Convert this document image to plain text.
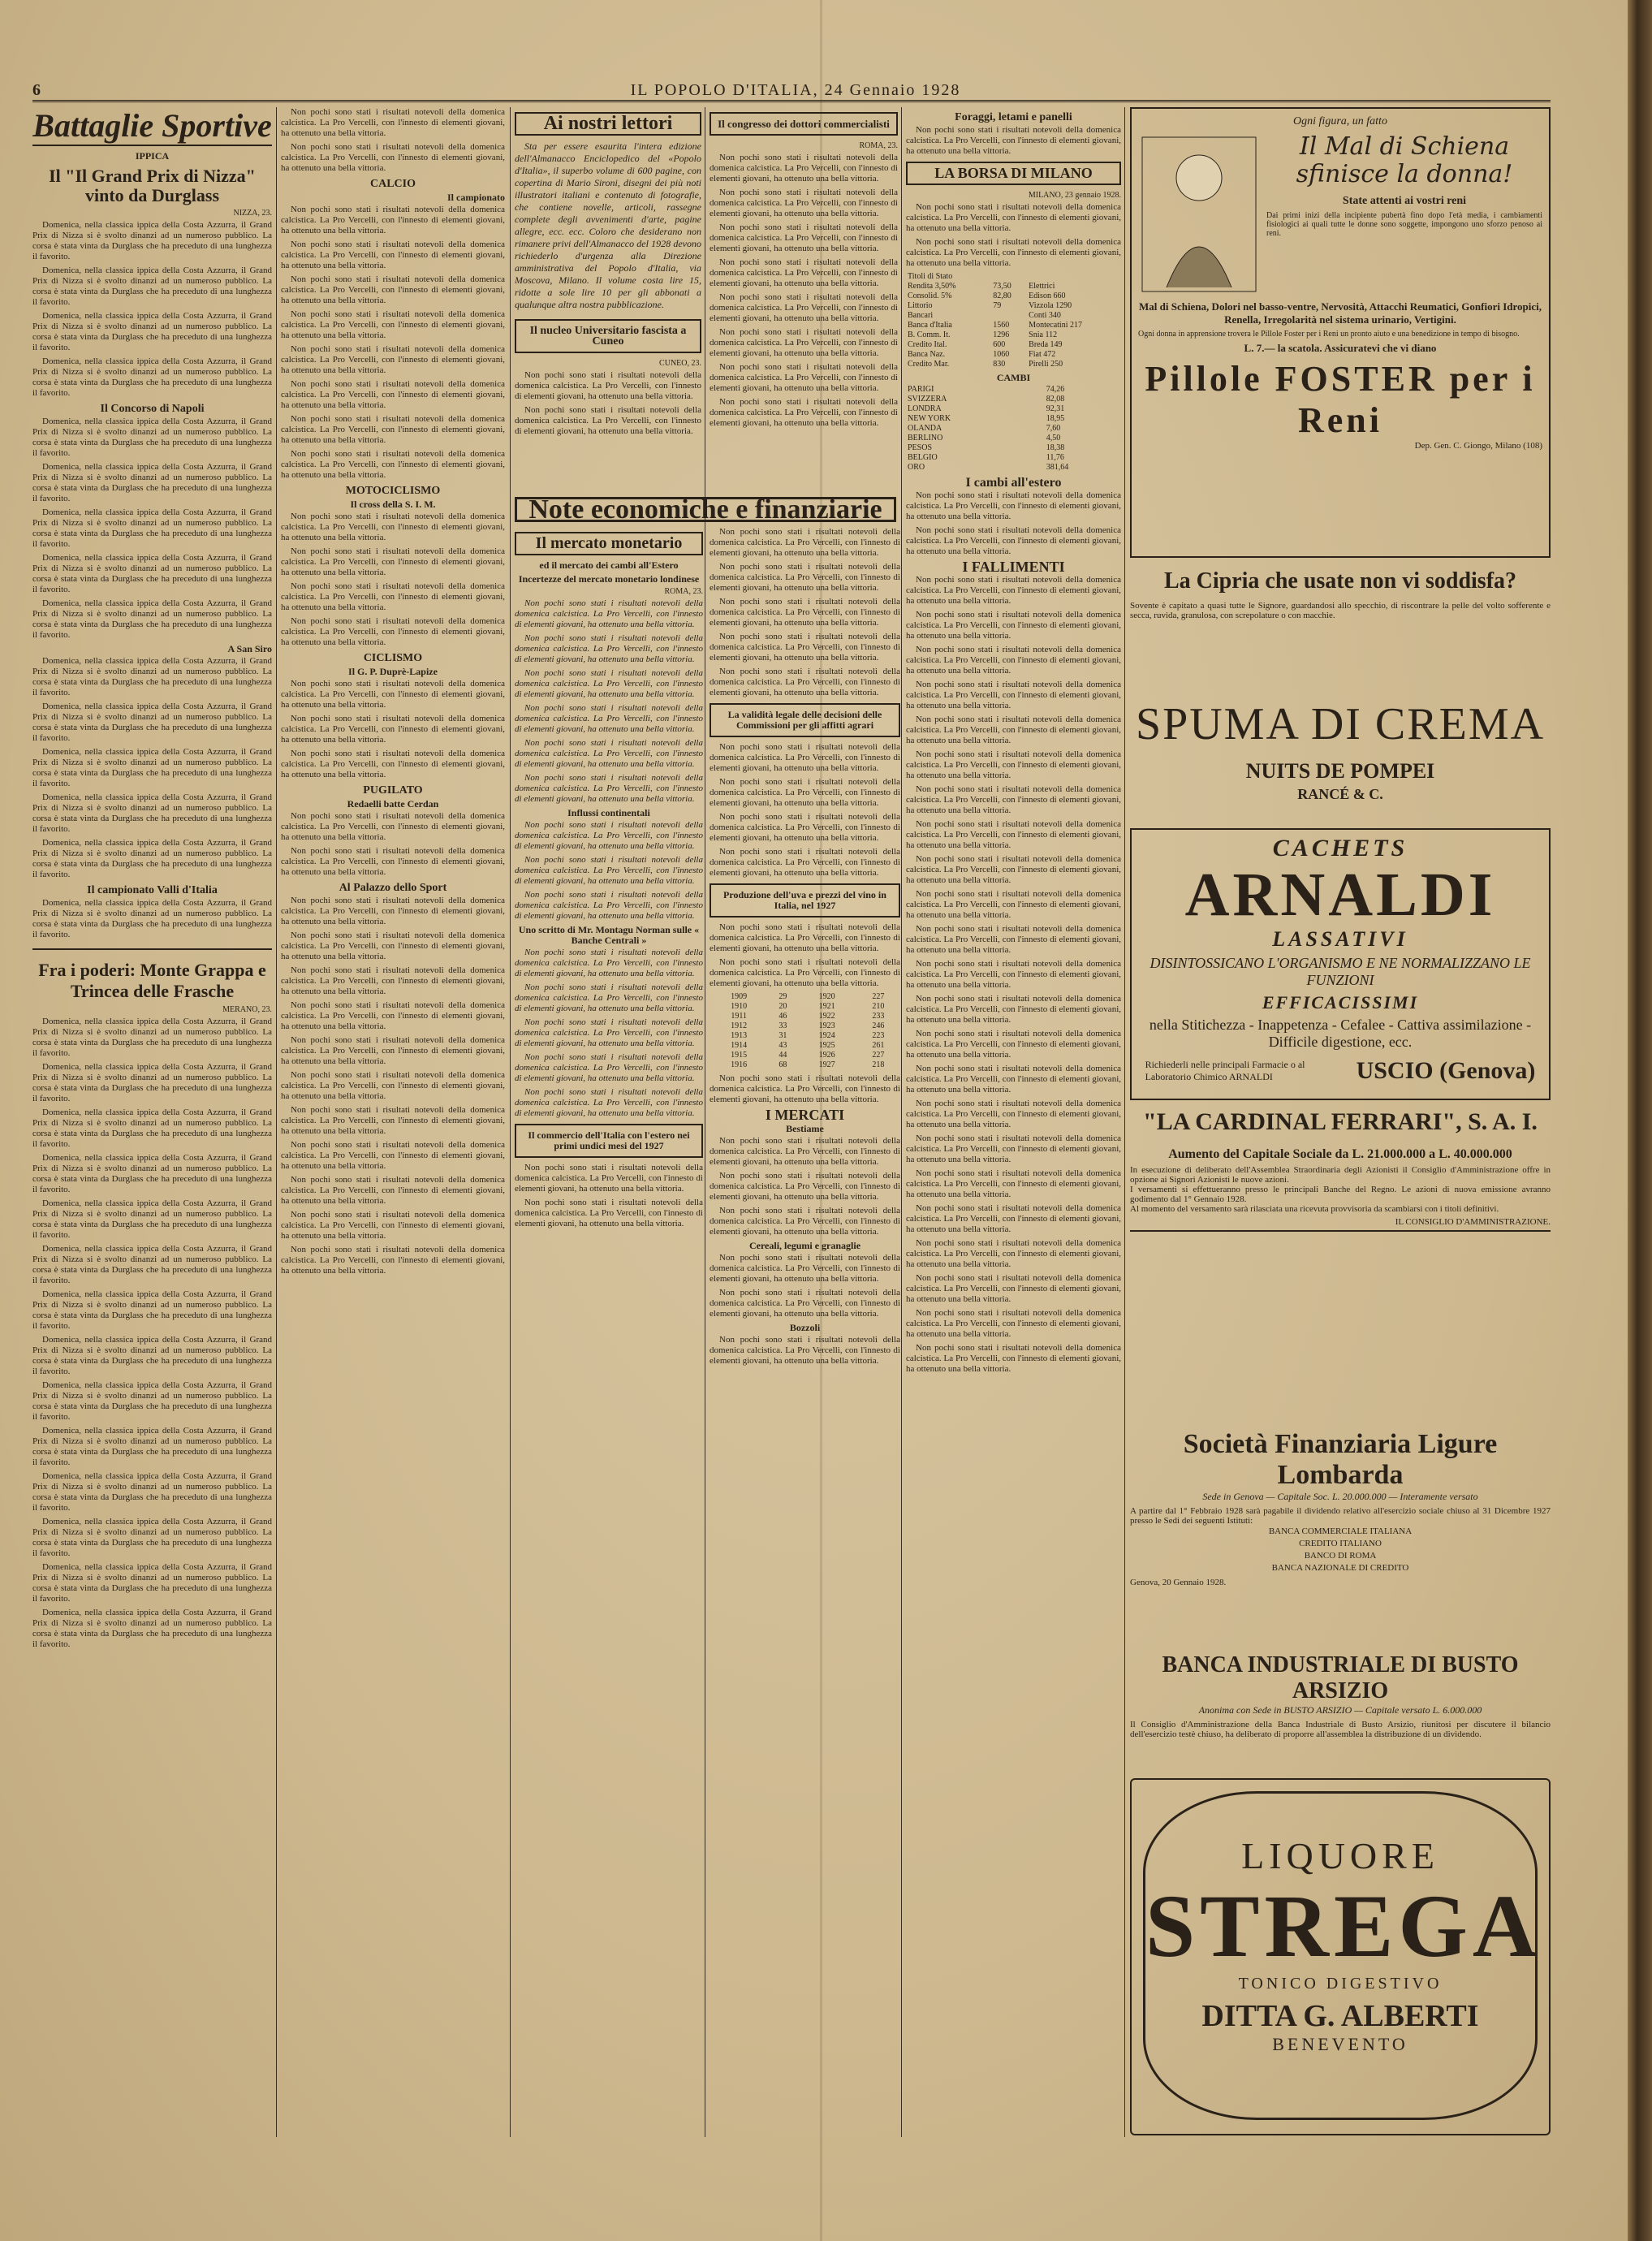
6	IL POPOLO D'ITALIA, 24 Gennaio 1928
Battaglie Sportive
IPPICA
Il "Il Grand Prix di Nizza" vinto da Durglass
NIZZA, 23.

Domenica, nella classica ippica della Costa Azzurra, il Grand Prix di Nizza si è svolto dinanzi ad un numeroso pubblico. La corsa è stata vinta da Durglass che ha preceduto di una lunghezza il favorito.

Domenica, nella classica ippica della Costa Azzurra, il Grand Prix di Nizza si è svolto dinanzi ad un numeroso pubblico. La corsa è stata vinta da Durglass che ha preceduto di una lunghezza il favorito.

Domenica, nella classica ippica della Costa Azzurra, il Grand Prix di Nizza si è svolto dinanzi ad un numeroso pubblico. La corsa è stata vinta da Durglass che ha preceduto di una lunghezza il favorito.

Domenica, nella classica ippica della Costa Azzurra, il Grand Prix di Nizza si è svolto dinanzi ad un numeroso pubblico. La corsa è stata vinta da Durglass che ha preceduto di una lunghezza il favorito.

Il Concorso di Napoli

Domenica, nella classica ippica della Costa Azzurra, il Grand Prix di Nizza si è svolto dinanzi ad un numeroso pubblico. La corsa è stata vinta da Durglass che ha preceduto di una lunghezza il favorito.

Domenica, nella classica ippica della Costa Azzurra, il Grand Prix di Nizza si è svolto dinanzi ad un numeroso pubblico. La corsa è stata vinta da Durglass che ha preceduto di una lunghezza il favorito.

Domenica, nella classica ippica della Costa Azzurra, il Grand Prix di Nizza si è svolto dinanzi ad un numeroso pubblico. La corsa è stata vinta da Durglass che ha preceduto di una lunghezza il favorito.

Domenica, nella classica ippica della Costa Azzurra, il Grand Prix di Nizza si è svolto dinanzi ad un numeroso pubblico. La corsa è stata vinta da Durglass che ha preceduto di una lunghezza il favorito.

Domenica, nella classica ippica della Costa Azzurra, il Grand Prix di Nizza si è svolto dinanzi ad un numeroso pubblico. La corsa è stata vinta da Durglass che ha preceduto di una lunghezza il favorito.

A San Siro

Domenica, nella classica ippica della Costa Azzurra, il Grand Prix di Nizza si è svolto dinanzi ad un numeroso pubblico. La corsa è stata vinta da Durglass che ha preceduto di una lunghezza il favorito.

Domenica, nella classica ippica della Costa Azzurra, il Grand Prix di Nizza si è svolto dinanzi ad un numeroso pubblico. La corsa è stata vinta da Durglass che ha preceduto di una lunghezza il favorito.

Domenica, nella classica ippica della Costa Azzurra, il Grand Prix di Nizza si è svolto dinanzi ad un numeroso pubblico. La corsa è stata vinta da Durglass che ha preceduto di una lunghezza il favorito.

Domenica, nella classica ippica della Costa Azzurra, il Grand Prix di Nizza si è svolto dinanzi ad un numeroso pubblico. La corsa è stata vinta da Durglass che ha preceduto di una lunghezza il favorito.

Domenica, nella classica ippica della Costa Azzurra, il Grand Prix di Nizza si è svolto dinanzi ad un numeroso pubblico. La corsa è stata vinta da Durglass che ha preceduto di una lunghezza il favorito.

Il campionato Valli d'Italia

Domenica, nella classica ippica della Costa Azzurra, il Grand Prix di Nizza si è svolto dinanzi ad un numeroso pubblico. La corsa è stata vinta da Durglass che ha preceduto di una lunghezza il favorito.

Fra i poderi: Monte Grappa e Trincea delle Frasche
MERANO, 23.

Domenica, nella classica ippica della Costa Azzurra, il Grand Prix di Nizza si è svolto dinanzi ad un numeroso pubblico. La corsa è stata vinta da Durglass che ha preceduto di una lunghezza il favorito.

Domenica, nella classica ippica della Costa Azzurra, il Grand Prix di Nizza si è svolto dinanzi ad un numeroso pubblico. La corsa è stata vinta da Durglass che ha preceduto di una lunghezza il favorito.

Domenica, nella classica ippica della Costa Azzurra, il Grand Prix di Nizza si è svolto dinanzi ad un numeroso pubblico. La corsa è stata vinta da Durglass che ha preceduto di una lunghezza il favorito.

Domenica, nella classica ippica della Costa Azzurra, il Grand Prix di Nizza si è svolto dinanzi ad un numeroso pubblico. La corsa è stata vinta da Durglass che ha preceduto di una lunghezza il favorito.

Domenica, nella classica ippica della Costa Azzurra, il Grand Prix di Nizza si è svolto dinanzi ad un numeroso pubblico. La corsa è stata vinta da Durglass che ha preceduto di una lunghezza il favorito.

Domenica, nella classica ippica della Costa Azzurra, il Grand Prix di Nizza si è svolto dinanzi ad un numeroso pubblico. La corsa è stata vinta da Durglass che ha preceduto di una lunghezza il favorito.

Domenica, nella classica ippica della Costa Azzurra, il Grand Prix di Nizza si è svolto dinanzi ad un numeroso pubblico. La corsa è stata vinta da Durglass che ha preceduto di una lunghezza il favorito.

Domenica, nella classica ippica della Costa Azzurra, il Grand Prix di Nizza si è svolto dinanzi ad un numeroso pubblico. La corsa è stata vinta da Durglass che ha preceduto di una lunghezza il favorito.

Domenica, nella classica ippica della Costa Azzurra, il Grand Prix di Nizza si è svolto dinanzi ad un numeroso pubblico. La corsa è stata vinta da Durglass che ha preceduto di una lunghezza il favorito.

Domenica, nella classica ippica della Costa Azzurra, il Grand Prix di Nizza si è svolto dinanzi ad un numeroso pubblico. La corsa è stata vinta da Durglass che ha preceduto di una lunghezza il favorito.

Domenica, nella classica ippica della Costa Azzurra, il Grand Prix di Nizza si è svolto dinanzi ad un numeroso pubblico. La corsa è stata vinta da Durglass che ha preceduto di una lunghezza il favorito.

Domenica, nella classica ippica della Costa Azzurra, il Grand Prix di Nizza si è svolto dinanzi ad un numeroso pubblico. La corsa è stata vinta da Durglass che ha preceduto di una lunghezza il favorito.

Domenica, nella classica ippica della Costa Azzurra, il Grand Prix di Nizza si è svolto dinanzi ad un numeroso pubblico. La corsa è stata vinta da Durglass che ha preceduto di una lunghezza il favorito.

Domenica, nella classica ippica della Costa Azzurra, il Grand Prix di Nizza si è svolto dinanzi ad un numeroso pubblico. La corsa è stata vinta da Durglass che ha preceduto di una lunghezza il favorito.

Non pochi sono stati i risultati notevoli della domenica calcistica. La Pro Vercelli, con l'innesto di elementi giovani, ha ottenuto una bella vittoria.

Non pochi sono stati i risultati notevoli della domenica calcistica. La Pro Vercelli, con l'innesto di elementi giovani, ha ottenuto una bella vittoria.

CALCIO
Il campionato

Non pochi sono stati i risultati notevoli della domenica calcistica. La Pro Vercelli, con l'innesto di elementi giovani, ha ottenuto una bella vittoria.

Non pochi sono stati i risultati notevoli della domenica calcistica. La Pro Vercelli, con l'innesto di elementi giovani, ha ottenuto una bella vittoria.

Non pochi sono stati i risultati notevoli della domenica calcistica. La Pro Vercelli, con l'innesto di elementi giovani, ha ottenuto una bella vittoria.

Non pochi sono stati i risultati notevoli della domenica calcistica. La Pro Vercelli, con l'innesto di elementi giovani, ha ottenuto una bella vittoria.

Non pochi sono stati i risultati notevoli della domenica calcistica. La Pro Vercelli, con l'innesto di elementi giovani, ha ottenuto una bella vittoria.

Non pochi sono stati i risultati notevoli della domenica calcistica. La Pro Vercelli, con l'innesto di elementi giovani, ha ottenuto una bella vittoria.

Non pochi sono stati i risultati notevoli della domenica calcistica. La Pro Vercelli, con l'innesto di elementi giovani, ha ottenuto una bella vittoria.

Non pochi sono stati i risultati notevoli della domenica calcistica. La Pro Vercelli, con l'innesto di elementi giovani, ha ottenuto una bella vittoria.

MOTOCICLISMO
Il cross della S. I. M.

Non pochi sono stati i risultati notevoli della domenica calcistica. La Pro Vercelli, con l'innesto di elementi giovani, ha ottenuto una bella vittoria.

Non pochi sono stati i risultati notevoli della domenica calcistica. La Pro Vercelli, con l'innesto di elementi giovani, ha ottenuto una bella vittoria.

Non pochi sono stati i risultati notevoli della domenica calcistica. La Pro Vercelli, con l'innesto di elementi giovani, ha ottenuto una bella vittoria.

Non pochi sono stati i risultati notevoli della domenica calcistica. La Pro Vercelli, con l'innesto di elementi giovani, ha ottenuto una bella vittoria.

CICLISMO
Il G. P. Duprè-Lapize

Non pochi sono stati i risultati notevoli della domenica calcistica. La Pro Vercelli, con l'innesto di elementi giovani, ha ottenuto una bella vittoria.

Non pochi sono stati i risultati notevoli della domenica calcistica. La Pro Vercelli, con l'innesto di elementi giovani, ha ottenuto una bella vittoria.

Non pochi sono stati i risultati notevoli della domenica calcistica. La Pro Vercelli, con l'innesto di elementi giovani, ha ottenuto una bella vittoria.

PUGILATO
Redaelli batte Cerdan

Non pochi sono stati i risultati notevoli della domenica calcistica. La Pro Vercelli, con l'innesto di elementi giovani, ha ottenuto una bella vittoria.

Non pochi sono stati i risultati notevoli della domenica calcistica. La Pro Vercelli, con l'innesto di elementi giovani, ha ottenuto una bella vittoria.

Al Palazzo dello Sport

Non pochi sono stati i risultati notevoli della domenica calcistica. La Pro Vercelli, con l'innesto di elementi giovani, ha ottenuto una bella vittoria.

Non pochi sono stati i risultati notevoli della domenica calcistica. La Pro Vercelli, con l'innesto di elementi giovani, ha ottenuto una bella vittoria.

Non pochi sono stati i risultati notevoli della domenica calcistica. La Pro Vercelli, con l'innesto di elementi giovani, ha ottenuto una bella vittoria.

Non pochi sono stati i risultati notevoli della domenica calcistica. La Pro Vercelli, con l'innesto di elementi giovani, ha ottenuto una bella vittoria.

Non pochi sono stati i risultati notevoli della domenica calcistica. La Pro Vercelli, con l'innesto di elementi giovani, ha ottenuto una bella vittoria.

Non pochi sono stati i risultati notevoli della domenica calcistica. La Pro Vercelli, con l'innesto di elementi giovani, ha ottenuto una bella vittoria.

Non pochi sono stati i risultati notevoli della domenica calcistica. La Pro Vercelli, con l'innesto di elementi giovani, ha ottenuto una bella vittoria.

Non pochi sono stati i risultati notevoli della domenica calcistica. La Pro Vercelli, con l'innesto di elementi giovani, ha ottenuto una bella vittoria.

Non pochi sono stati i risultati notevoli della domenica calcistica. La Pro Vercelli, con l'innesto di elementi giovani, ha ottenuto una bella vittoria.

Non pochi sono stati i risultati notevoli della domenica calcistica. La Pro Vercelli, con l'innesto di elementi giovani, ha ottenuto una bella vittoria.

Non pochi sono stati i risultati notevoli della domenica calcistica. La Pro Vercelli, con l'innesto di elementi giovani, ha ottenuto una bella vittoria.

Ai nostri lettori

Sta per essere esaurita l'intera edizione dell'Almanacco Enciclopedico del «Popolo d'Italia», il superbo volume di 600 pagine, con copertina di Mario Sironi, disegni dei più noti illustratori italiani e contenuto di fotografie, che contiene novelle, articoli, rassegne complete degli avvenimenti d'arte, pagine allegre, ecc. ecc. Coloro che desiderano non rimanere privi dell'Almanacco del 1928 devono richiederlo d'urgenza alla Direzione amministrativa del Popolo d'Italia, via Moscova, Milano. Il volume costa lire 15, ridotte a sole lire 10 per gli abbonati a qualunque altra nostra pubblicazione.

Il nucleo Universitario fascista a Cuneo
CUNEO, 23.

Non pochi sono stati i risultati notevoli della domenica calcistica. La Pro Vercelli, con l'innesto di elementi giovani, ha ottenuto una bella vittoria.

Non pochi sono stati i risultati notevoli della domenica calcistica. La Pro Vercelli, con l'innesto di elementi giovani, ha ottenuto una bella vittoria.

Il congresso dei dottori commercialisti
ROMA, 23.

Non pochi sono stati i risultati notevoli della domenica calcistica. La Pro Vercelli, con l'innesto di elementi giovani, ha ottenuto una bella vittoria.

Non pochi sono stati i risultati notevoli della domenica calcistica. La Pro Vercelli, con l'innesto di elementi giovani, ha ottenuto una bella vittoria.

Non pochi sono stati i risultati notevoli della domenica calcistica. La Pro Vercelli, con l'innesto di elementi giovani, ha ottenuto una bella vittoria.

Non pochi sono stati i risultati notevoli della domenica calcistica. La Pro Vercelli, con l'innesto di elementi giovani, ha ottenuto una bella vittoria.

Non pochi sono stati i risultati notevoli della domenica calcistica. La Pro Vercelli, con l'innesto di elementi giovani, ha ottenuto una bella vittoria.

Non pochi sono stati i risultati notevoli della domenica calcistica. La Pro Vercelli, con l'innesto di elementi giovani, ha ottenuto una bella vittoria.

Non pochi sono stati i risultati notevoli della domenica calcistica. La Pro Vercelli, con l'innesto di elementi giovani, ha ottenuto una bella vittoria.

Non pochi sono stati i risultati notevoli della domenica calcistica. La Pro Vercelli, con l'innesto di elementi giovani, ha ottenuto una bella vittoria.

Note economiche e finanziarie
Il mercato monetario
ed il mercato dei cambi all'Estero
Incertezze del mercato monetario londinese
ROMA, 23.

Non pochi sono stati i risultati notevoli della domenica calcistica. La Pro Vercelli, con l'innesto di elementi giovani, ha ottenuto una bella vittoria.

Non pochi sono stati i risultati notevoli della domenica calcistica. La Pro Vercelli, con l'innesto di elementi giovani, ha ottenuto una bella vittoria.

Non pochi sono stati i risultati notevoli della domenica calcistica. La Pro Vercelli, con l'innesto di elementi giovani, ha ottenuto una bella vittoria.

Non pochi sono stati i risultati notevoli della domenica calcistica. La Pro Vercelli, con l'innesto di elementi giovani, ha ottenuto una bella vittoria.

Non pochi sono stati i risultati notevoli della domenica calcistica. La Pro Vercelli, con l'innesto di elementi giovani, ha ottenuto una bella vittoria.

Non pochi sono stati i risultati notevoli della domenica calcistica. La Pro Vercelli, con l'innesto di elementi giovani, ha ottenuto una bella vittoria.

Influssi continentali

Non pochi sono stati i risultati notevoli della domenica calcistica. La Pro Vercelli, con l'innesto di elementi giovani, ha ottenuto una bella vittoria.

Non pochi sono stati i risultati notevoli della domenica calcistica. La Pro Vercelli, con l'innesto di elementi giovani, ha ottenuto una bella vittoria.

Non pochi sono stati i risultati notevoli della domenica calcistica. La Pro Vercelli, con l'innesto di elementi giovani, ha ottenuto una bella vittoria.

Uno scritto di Mr. Montagu Norman sulle « Banche Centrali »

Non pochi sono stati i risultati notevoli della domenica calcistica. La Pro Vercelli, con l'innesto di elementi giovani, ha ottenuto una bella vittoria.

Non pochi sono stati i risultati notevoli della domenica calcistica. La Pro Vercelli, con l'innesto di elementi giovani, ha ottenuto una bella vittoria.

Non pochi sono stati i risultati notevoli della domenica calcistica. La Pro Vercelli, con l'innesto di elementi giovani, ha ottenuto una bella vittoria.

Non pochi sono stati i risultati notevoli della domenica calcistica. La Pro Vercelli, con l'innesto di elementi giovani, ha ottenuto una bella vittoria.

Non pochi sono stati i risultati notevoli della domenica calcistica. La Pro Vercelli, con l'innesto di elementi giovani, ha ottenuto una bella vittoria.

Il commercio dell'Italia con l'estero nei primi undici mesi del 1927

Non pochi sono stati i risultati notevoli della domenica calcistica. La Pro Vercelli, con l'innesto di elementi giovani, ha ottenuto una bella vittoria.

Non pochi sono stati i risultati notevoli della domenica calcistica. La Pro Vercelli, con l'innesto di elementi giovani, ha ottenuto una bella vittoria.

Non pochi sono stati i risultati notevoli della domenica calcistica. La Pro Vercelli, con l'innesto di elementi giovani, ha ottenuto una bella vittoria.

Non pochi sono stati i risultati notevoli della domenica calcistica. La Pro Vercelli, con l'innesto di elementi giovani, ha ottenuto una bella vittoria.

Non pochi sono stati i risultati notevoli della domenica calcistica. La Pro Vercelli, con l'innesto di elementi giovani, ha ottenuto una bella vittoria.

Non pochi sono stati i risultati notevoli della domenica calcistica. La Pro Vercelli, con l'innesto di elementi giovani, ha ottenuto una bella vittoria.

Non pochi sono stati i risultati notevoli della domenica calcistica. La Pro Vercelli, con l'innesto di elementi giovani, ha ottenuto una bella vittoria.

La validità legale delle decisioni delle Commissioni per gli affitti agrari

Non pochi sono stati i risultati notevoli della domenica calcistica. La Pro Vercelli, con l'innesto di elementi giovani, ha ottenuto una bella vittoria.

Non pochi sono stati i risultati notevoli della domenica calcistica. La Pro Vercelli, con l'innesto di elementi giovani, ha ottenuto una bella vittoria.

Non pochi sono stati i risultati notevoli della domenica calcistica. La Pro Vercelli, con l'innesto di elementi giovani, ha ottenuto una bella vittoria.

Non pochi sono stati i risultati notevoli della domenica calcistica. La Pro Vercelli, con l'innesto di elementi giovani, ha ottenuto una bella vittoria.

Produzione dell'uva e prezzi del vino in Italia, nel 1927

Non pochi sono stati i risultati notevoli della domenica calcistica. La Pro Vercelli, con l'innesto di elementi giovani, ha ottenuto una bella vittoria.

Non pochi sono stati i risultati notevoli della domenica calcistica. La Pro Vercelli, con l'innesto di elementi giovani, ha ottenuto una bella vittoria.

1909	29	1920	227
1910	20	1921	210
1911	46	1922	233
1912	33	1923	246
1913	31	1924	223
1914	43	1925	261
1915	44	1926	227
1916	68	1927	218

Non pochi sono stati i risultati notevoli della domenica calcistica. La Pro Vercelli, con l'innesto di elementi giovani, ha ottenuto una bella vittoria.

I MERCATI
Bestiame

Non pochi sono stati i risultati notevoli della domenica calcistica. La Pro Vercelli, con l'innesto di elementi giovani, ha ottenuto una bella vittoria.

Non pochi sono stati i risultati notevoli della domenica calcistica. La Pro Vercelli, con l'innesto di elementi giovani, ha ottenuto una bella vittoria.

Non pochi sono stati i risultati notevoli della domenica calcistica. La Pro Vercelli, con l'innesto di elementi giovani, ha ottenuto una bella vittoria.

Cereali, legumi e granaglie

Non pochi sono stati i risultati notevoli della domenica calcistica. La Pro Vercelli, con l'innesto di elementi giovani, ha ottenuto una bella vittoria.

Non pochi sono stati i risultati notevoli della domenica calcistica. La Pro Vercelli, con l'innesto di elementi giovani, ha ottenuto una bella vittoria.

Bozzoli

Non pochi sono stati i risultati notevoli della domenica calcistica. La Pro Vercelli, con l'innesto di elementi giovani, ha ottenuto una bella vittoria.

Foraggi, letami e panelli

Non pochi sono stati i risultati notevoli della domenica calcistica. La Pro Vercelli, con l'innesto di elementi giovani, ha ottenuto una bella vittoria.

LA BORSA DI MILANO
MILANO, 23 gennaio 1928.

Non pochi sono stati i risultati notevoli della domenica calcistica. La Pro Vercelli, con l'innesto di elementi giovani, ha ottenuto una bella vittoria.

Non pochi sono stati i risultati notevoli della domenica calcistica. La Pro Vercelli, con l'innesto di elementi giovani, ha ottenuto una bella vittoria.

Titoli di Stato		
Rendita 3,50%	73,50	Elettrici
Consolid. 5%	82,80	Edison 660
Littorio	79	Vizzola 1290
Bancari		Conti 340
Banca d'Italia	1560	Montecatini 217
B. Comm. It.	1296	Snia 112
Credito Ital.	600	Breda 149
Banca Naz.	1060	Fiat 472
Credito Mar.	830	Pirelli 250
CAMBI
PARIGI	74,26
SVIZZERA	82,08
LONDRA	92,31
NEW YORK	18,95
OLANDA	7,60
BERLINO	4,50
PESOS	18,38
BELGIO	11,76
ORO	381,64
I cambi all'estero

Non pochi sono stati i risultati notevoli della domenica calcistica. La Pro Vercelli, con l'innesto di elementi giovani, ha ottenuto una bella vittoria.

Non pochi sono stati i risultati notevoli della domenica calcistica. La Pro Vercelli, con l'innesto di elementi giovani, ha ottenuto una bella vittoria.

I FALLIMENTI

Non pochi sono stati i risultati notevoli della domenica calcistica. La Pro Vercelli, con l'innesto di elementi giovani, ha ottenuto una bella vittoria.

Non pochi sono stati i risultati notevoli della domenica calcistica. La Pro Vercelli, con l'innesto di elementi giovani, ha ottenuto una bella vittoria.

Non pochi sono stati i risultati notevoli della domenica calcistica. La Pro Vercelli, con l'innesto di elementi giovani, ha ottenuto una bella vittoria.

Non pochi sono stati i risultati notevoli della domenica calcistica. La Pro Vercelli, con l'innesto di elementi giovani, ha ottenuto una bella vittoria.

Non pochi sono stati i risultati notevoli della domenica calcistica. La Pro Vercelli, con l'innesto di elementi giovani, ha ottenuto una bella vittoria.

Non pochi sono stati i risultati notevoli della domenica calcistica. La Pro Vercelli, con l'innesto di elementi giovani, ha ottenuto una bella vittoria.

Non pochi sono stati i risultati notevoli della domenica calcistica. La Pro Vercelli, con l'innesto di elementi giovani, ha ottenuto una bella vittoria.

Non pochi sono stati i risultati notevoli della domenica calcistica. La Pro Vercelli, con l'innesto di elementi giovani, ha ottenuto una bella vittoria.

Non pochi sono stati i risultati notevoli della domenica calcistica. La Pro Vercelli, con l'innesto di elementi giovani, ha ottenuto una bella vittoria.

Non pochi sono stati i risultati notevoli della domenica calcistica. La Pro Vercelli, con l'innesto di elementi giovani, ha ottenuto una bella vittoria.

Non pochi sono stati i risultati notevoli della domenica calcistica. La Pro Vercelli, con l'innesto di elementi giovani, ha ottenuto una bella vittoria.

Non pochi sono stati i risultati notevoli della domenica calcistica. La Pro Vercelli, con l'innesto di elementi giovani, ha ottenuto una bella vittoria.

Non pochi sono stati i risultati notevoli della domenica calcistica. La Pro Vercelli, con l'innesto di elementi giovani, ha ottenuto una bella vittoria.

Non pochi sono stati i risultati notevoli della domenica calcistica. La Pro Vercelli, con l'innesto di elementi giovani, ha ottenuto una bella vittoria.

Non pochi sono stati i risultati notevoli della domenica calcistica. La Pro Vercelli, con l'innesto di elementi giovani, ha ottenuto una bella vittoria.

Non pochi sono stati i risultati notevoli della domenica calcistica. La Pro Vercelli, con l'innesto di elementi giovani, ha ottenuto una bella vittoria.

Non pochi sono stati i risultati notevoli della domenica calcistica. La Pro Vercelli, con l'innesto di elementi giovani, ha ottenuto una bella vittoria.

Non pochi sono stati i risultati notevoli della domenica calcistica. La Pro Vercelli, con l'innesto di elementi giovani, ha ottenuto una bella vittoria.

Non pochi sono stati i risultati notevoli della domenica calcistica. La Pro Vercelli, con l'innesto di elementi giovani, ha ottenuto una bella vittoria.

Non pochi sono stati i risultati notevoli della domenica calcistica. La Pro Vercelli, con l'innesto di elementi giovani, ha ottenuto una bella vittoria.

Non pochi sono stati i risultati notevoli della domenica calcistica. La Pro Vercelli, con l'innesto di elementi giovani, ha ottenuto una bella vittoria.

Non pochi sono stati i risultati notevoli della domenica calcistica. La Pro Vercelli, con l'innesto di elementi giovani, ha ottenuto una bella vittoria.

Non pochi sono stati i risultati notevoli della domenica calcistica. La Pro Vercelli, con l'innesto di elementi giovani, ha ottenuto una bella vittoria.

Ogni figura, un fatto
Il Mal di Schiena sfinisce la donna!
State attenti ai vostri reni
Dai primi inizi della incipiente pubertà fino dopo l'età media, i cambiamenti fisiologici ai quali tutte le donne sono soggette, impongono uno sforzo penoso ai reni.
Mal di Schiena, Dolori nel basso-ventre, Nervosità, Attacchi Reumatici, Gonfiori Idropici, Renella, Irregolarità nel sistema urinario, Vertigini.
Ogni donna in apprensione trovera le Pillole Foster per i Reni un pronto aiuto e una benedizione in tempo di bisogno.
L. 7.— la scatola. Assicuratevi che vi diano
Pillole FOSTER per i Reni
Dep. Gen. C. Giongo, Milano (108)
La Cipria che usate non vi soddisfa?
Sovente è capitato a quasi tutte le Signore, guardandosi allo specchio, di riscontrare la pelle del volto sofferente e secca, ruvida, granulosa, con screpolature o con macchie.
SPUMA DI CREMA
NUITS DE POMPEI
RANCÉ & C.
CACHETS
ARNALDI
LASSATIVI
DISINTOSSICANO L'ORGANISMO E NE NORMALIZZANO LE FUNZIONI
EFFICACISSIMI
nella Stitichezza - Inappetenza - Cefalee - Cattiva assimilazione - Difficile digestione, ecc.
Richiederli nelle principali Farmacie o al Laboratorio Chimico ARNALDI	USCIO (Genova)
"LA CARDINAL FERRARI", S. A. I.
Aumento del Capitale Sociale da L. 21.000.000 a L. 40.000.000

In esecuzione di deliberato dell'Assemblea Straordinaria degli Azionisti il Consiglio d'Amministrazione offre in opzione ai Signori Azionisti le nuove azioni.

I versamenti si effettueranno presso le principali Banche del Regno. Le azioni di nuova emissione avranno godimento dal 1° Gennaio 1928.

Al momento del versamento sarà rilasciata una ricevuta provvisoria da scambiarsi con i titoli definitivi.

IL CONSIGLIO D'AMMINISTRAZIONE.
Società Finanziaria Ligure Lombarda
Sede in Genova — Capitale Soc. L. 20.000.000 — Interamente versato

A partire dal 1° Febbraio 1928 sarà pagabile il dividendo relativo all'esercizio sociale chiuso al 31 Dicembre 1927 presso le Sedi dei seguenti Istituti:

BANCA COMMERCIALE ITALIANA
CREDITO ITALIANO
BANCO DI ROMA
BANCA NAZIONALE DI CREDITO
Genova, 20 Gennaio 1928.
BANCA INDUSTRIALE DI BUSTO ARSIZIO
Anonima con Sede in BUSTO ARSIZIO — Capitale versato L. 6.000.000

Il Consiglio d'Amministrazione della Banca Industriale di Busto Arsizio, riunitosi per discutere il bilancio dell'esercizio testè chiuso, ha deliberato di proporre all'assemblea la distribuzione di un dividendo.

LIQUORE
STREGA
TONICO DIGESTIVO
DITTA G. ALBERTI
BENEVENTO
